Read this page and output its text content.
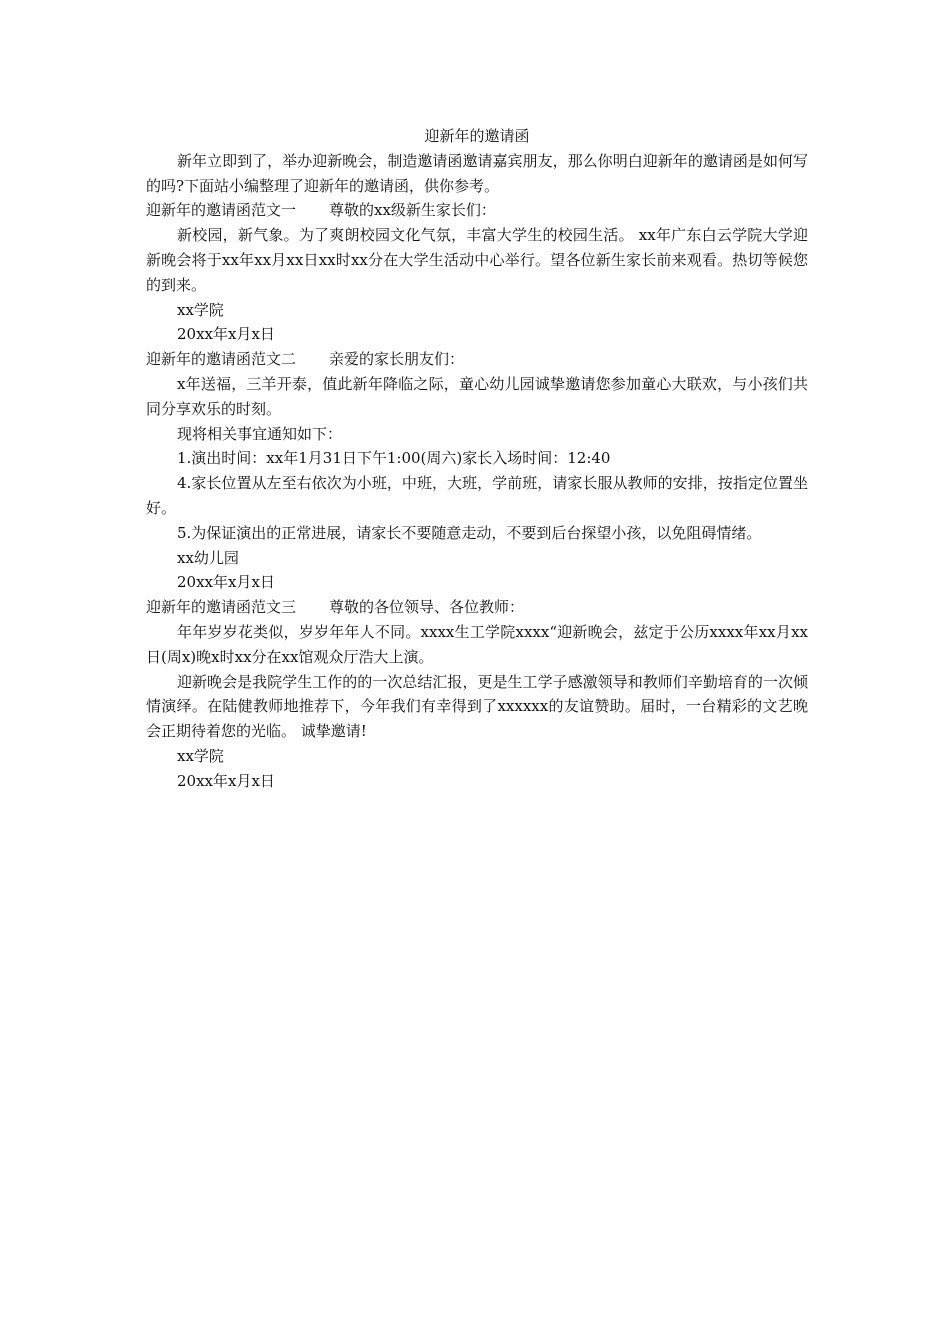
迎新年的邀请函

新年立即到了，举办迎新晚会，制造邀请函邀请嘉宾朋友，那么你明白迎新年的邀请函是如何写的吗?下面站小编整理了迎新年的邀请函，供你参考。

迎新年的邀请函范文一 尊敬的xx级新生家长们：

新校园，新气象。为了爽朗校园文化气氛，丰富大学生的校园生活。 xx年广东白云学院大学迎新晚会将于xx年xx月xx日xx时xx分在大学生活动中心举行。望各位新生家长前来观看。热切等候您的到来。

xx学院

20xx年x月x日

迎新年的邀请函范文二 亲爱的家长朋友们：

x年送福，三羊开泰，值此新年降临之际，童心幼儿园诚挚邀请您参加童心大联欢，与小孩们共同分享欢乐的时刻。

现将相关事宜通知如下：

1.演出时间：xx年1月31日下午1:00(周六)家长入场时间：12:40

4.家长位置从左至右依次为小班，中班，大班，学前班，请家长服从教师的安排，按指定位置坐好。

5.为保证演出的正常进展，请家长不要随意走动，不要到后台探望小孩，以免阻碍情绪。

xx幼儿园

20xx年x月x日

迎新年的邀请函范文三 尊敬的各位领导、各位教师：

年年岁岁花类似，岁岁年年人不同。xxxx生工学院xxxx“迎新晚会，兹定于公历xxxx年xx月xx日(周x)晚x时xx分在xx馆观众厅浩大上演。

迎新晚会是我院学生工作的的一次总结汇报，更是生工学子感激领导和教师们辛勤培育的一次倾情演绎。在陆健教师地推荐下，今年我们有幸得到了xxxxxx的友谊赞助。届时，一台精彩的文艺晚会正期待着您的光临。 诚挚邀请!

xx学院

20xx年x月x日
